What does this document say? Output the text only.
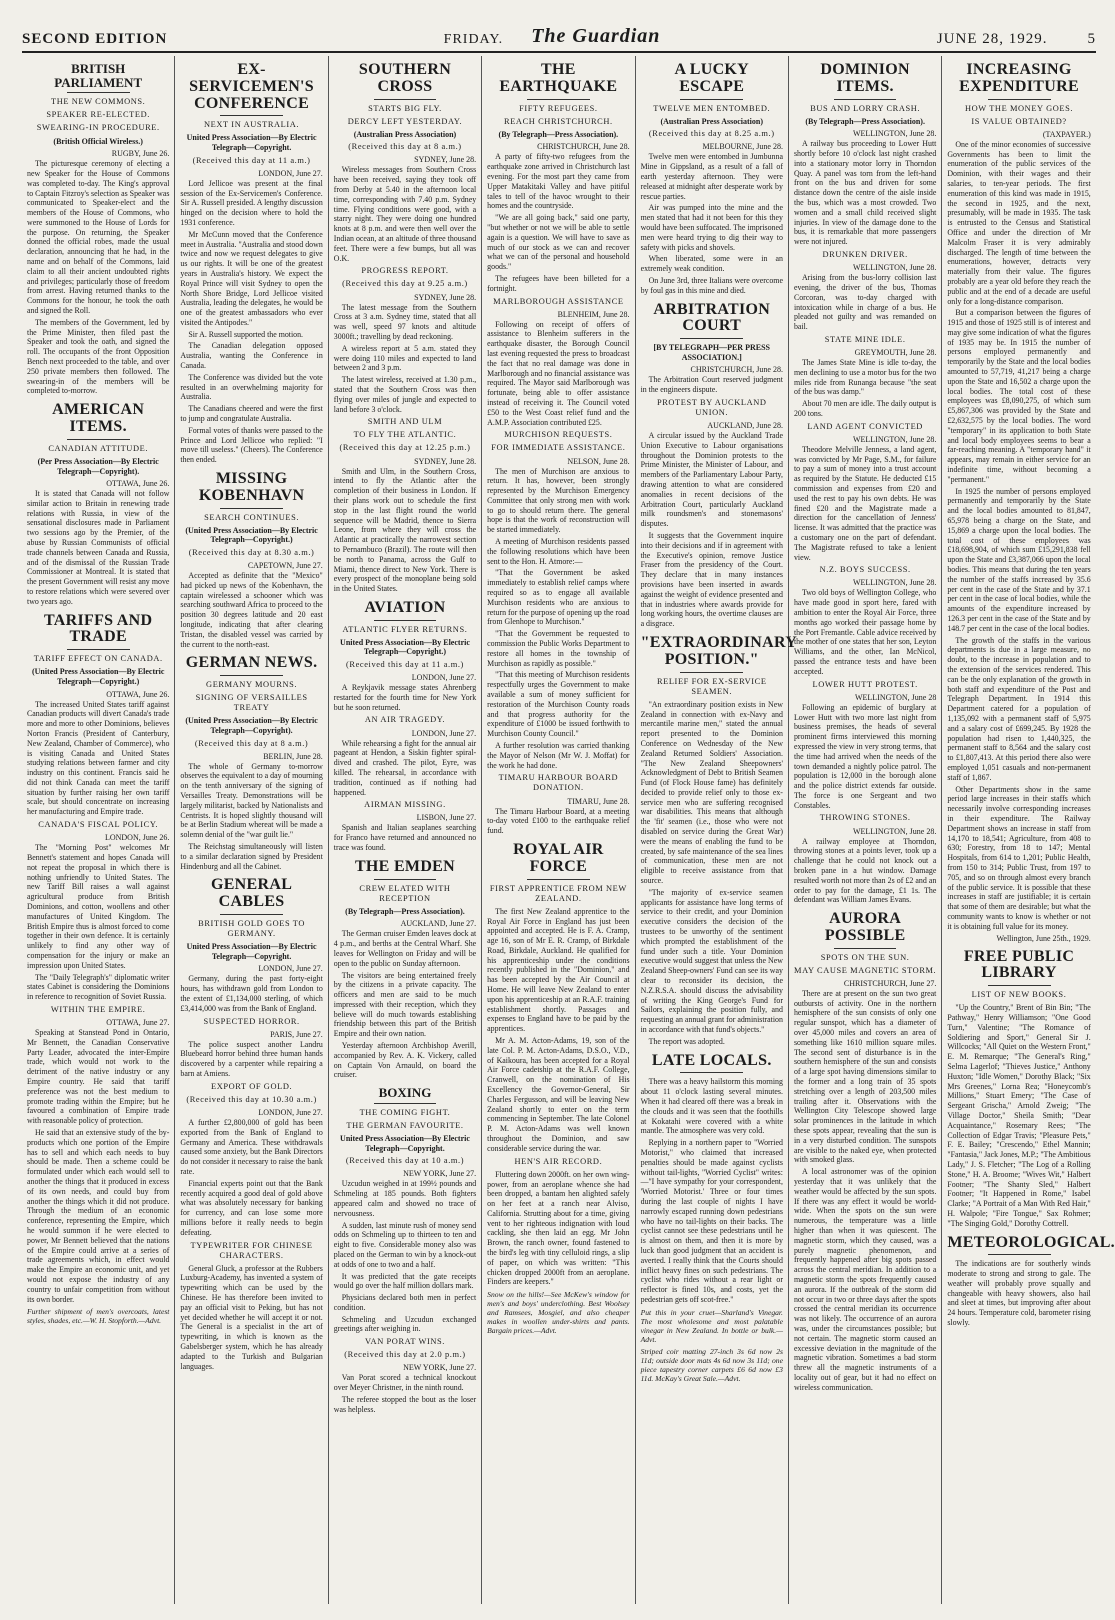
SECOND EDITION	FRIDAY. The Guardian	JUNE 28, 1929.	5
BRITISH PARLIAMENT
THE NEW COMMONS.
SPEAKER RE-ELECTED.
SWEARING-IN PROCEDURE.
(British Official Wireless.)
RUGBY, June 26.
The picturesque ceremony of electing a new Speaker for the House of Commons was completed to-day. The King's approval to Captain Fitzroy's selection as Speaker was communicated to Speaker-elect and the members of the House of Commons, who were summoned to the House of Lords for the purpose. On returning, the Speaker donned the official robes, made the usual declaration, announcing that he had, in the name and on behalf of the Commons, laid claim to all their ancient undoubted rights and privileges; particularly those of freedom from arrest. Having returned thanks to the Commons for the honour, he took the oath and signed the Roll.
The members of the Government, led by the Prime Minister, then filed past the Speaker and took the oath, and signed the roll. The occupants of the front Opposition Bench next proceeded to the table, and over 250 private members then followed. The swearing-in of the members will be completed to-morrow.
AMERICAN ITEMS.
CANADIAN ATTITUDE.
(Per Press Association—By Electric Telegraph—Copyright).
OTTAWA, June 26.
It is stated that Canada will not follow similar action to Britain in renewing trade relations with Russia, in view of the sensational disclosures made in Parliament two sessions ago by the Premier, of the abuse by Russian Communists of official trade channels between Canada and Russia, and of the dismissal of the Russian Trade Commissioner at Montreal. It is stated that the present Government will resist any move to restore relations which were severed over two years ago.
TARIFFS AND TRADE
TARIFF EFFECT ON CANADA.
(United Press Association—By Electric Telegraph—Copyright.)
OTTAWA, June 26.
The increased United States tariff against Canadian products will divert Canada's trade more and more to other Dominions, believes Norton Francis (President of Canterbury, New Zealand, Chamber of Commerce), who is visiting Canada and United States studying relations between farmer and city industry on this continent. Francis said he did not think Canada can meet the tariff situation by further raising her own tariff scale, but should concentrate on increasing her manufacturing and Empire trade.
CANADA'S FISCAL POLICY.
LONDON, June 26.
The "Morning Post" welcomes Mr Bennett's statement and hopes Canada will not repeat the proposal in which there is nothing unfriendly to United States. The new Tariff Bill raises a wall against agricultural produce from British Dominions, and cotton, woollens and other manufactures of United Kingdom. The British Empire thus is almost forced to come together in their own defence. It is certainly unlikely to find any other way of compensation for the injury or make an impression upon United States.
The "Daily Telegraph's" diplomatic writer states Cabinet is considering the Dominions in reference to recognition of Soviet Russia.
WITHIN THE EMPIRE.
OTTAWA, June 27.
Speaking at Stanstead Pond in Ontario, Mr Bennett, the Canadian Conservative Party Leader, advocated the inter-Empire trade, which would not work to the detriment of the native industry or any Empire country. He said that tariff preference was not the best medium to promote trading within the Empire; but he favoured a combination of Empire trade with reasonable policy of protection.
He said that an extensive study of the by-products which one portion of the Empire has to sell and which each needs to buy should be made. Then a scheme could be formulated under which each would sell to another the things that it produced in excess of its own needs, and could buy from another the things which it did not produce. Through the medium of an economic conference, representing the Empire, which he would summon if he were elected to power, Mr Bennett believed that the nations of the Empire could arrive at a series of trade agreements which, in effect would make the Empire an economic unit, and yet would not expose the industry of any country to unfair competition from without its own border.
Further shipment of men's overcoats, latest styles, shades, etc.—W. H. Stopforth.—Advt.
EX-SERVICEMEN'S CONFERENCE
NEXT IN AUSTRALIA.
United Press Association—By Electric Telegraph—Copyright.
(Received this day at 11 a.m.)
LONDON, June 27.
Lord Jellicoe was present at the final session of the Ex-Servicemen's Conference. Sir A. Russell presided. A lengthy discussion hinged on the decision where to hold the 1931 conference.
Mr McCunn moved that the Conference meet in Australia. "Australia and stood down twice and now we request delegates to give us our rights. It will be one of the greatest years in Australia's history. We expect the Royal Prince will visit Sydney to open the North Shore Bridge, Lord Jellicoe visited Australia, leading the delegates, he would be one of the greatest ambassadors who ever visited the Antipodes."
Sir A. Russell supported the motion.
The Canadian delegation opposed Australia, wanting the Conference in Canada.
The Conference was divided but the vote resulted in an overwhelming majority for Australia.
The Canadians cheered and were the first to jump and congratulate Australia.
Formal votes of thanks were passed to the Prince and Lord Jellicoe who replied: "I move till useless." (Cheers). The Conference then ended.
MISSING KOBENHAVN
SEARCH CONTINUES.
(United Press Association—By Electric Telegraph—Copyright.)
(Received this day at 8.30 a.m.)
CAPETOWN, June 27.
Accepted as definite that the "Mexico" had picked up news of the Kobenhavn, the captain wirelessed a schooner which was searching southward Africa to proceed to the position 30 degrees latitude and 20 east longitude, indicating that after clearing Tristan, the disabled vessel was carried by the current to the north-east.
GERMAN NEWS.
GERMANY MOURNS.
SIGNING OF VERSAILLES TREATY
(United Press Association—By Electric Telegraph—Copyright).
(Received this day at 8 a.m.)
BERLIN, June 28.
The whole of Germany to-morrow observes the equivalent to a day of mourning on the tenth anniversary of the signing of Versailles Treaty. Demonstrations will be largely militarist, backed by Nationalists and Centrists. It is hoped slightly thousand will be at Berlin Stadium whereat will be made a solemn denial of the "war guilt lie."
The Reichstag simultaneously will listen to a similar declaration signed by President Hindenburg and all the Cabinet.
GENERAL CABLES
BRITISH GOLD GOES TO GERMANY.
United Press Association—By Electric Telegraph—Copyright.
LONDON, June 27.
Germany, during the past forty-eight hours, has withdrawn gold from London to the extent of £1,134,000 sterling, of which £3,414,000 was from the Bank of England.
SUSPECTED HORROR.
PARIS, June 27.
The police suspect another Landru Bluebeard horror behind three human hands discovered by a carpenter while repairing a barn at Amiens.
EXPORT OF GOLD.
(Received this day at 10.30 a.m.)
LONDON, June 27.
A further £2,800,000 of gold has been exported from the Bank of England to Germany and America. These withdrawals caused some anxiety, but the Bank Directors do not consider it necessary to raise the bank rate.
Financial experts point out that the Bank recently acquired a good deal of gold above what was absolutely necessary for banking for currency, and can lose some more millions before it really needs to begin defeating.
TYPEWRITER FOR CHINESE CHARACTERS.
General Gluck, a professor at the Rubbers Luxburg-Academy, has invented a system of typewriting which can be used by the Chinese. He has therefore been invited to pay an official visit to Peking, but has not yet decided whether he will accept it or not. The General is a specialist in the art of typewriting, in which is known as the Gabelsberger system, which he has already adapted to the Turkish and Bulgarian languages.
SOUTHERN CROSS
STARTS BIG FLY.
DERCY LEFT YESTERDAY.
(Australian Press Association)
(Received this day at 8 a.m.)
SYDNEY, June 28.
Wireless messages from Southern Cross have been received, saying they took off from Derby at 5.40 in the afternoon local time, corresponding with 7.40 p.m. Sydney time. Flying conditions were good, with a starry night. They were doing one hundred knots at 8 p.m. and were then well over the Indian ocean, at an altitude of three thousand feet. There were a few bumps, but all was O.K.
PROGRESS REPORT.
(Received this day at 9.25 a.m.)
SYDNEY, June 28.
The latest message from the Southern Cross at 3 a.m. Sydney time, stated that all was well, speed 97 knots and altitude 3000ft.; travelling by dead reckoning.
A wireless report at 5 a.m. stated they were doing 110 miles and expected to land between 2 and 3 p.m.
The latest wireless, received at 1.30 p.m., stated that the Southern Cross was then flying over miles of jungle and expected to land before 3 o'clock.
SMITH AND ULM
TO FLY THE ATLANTIC.
(Received this day at 12.25 p.m.)
SYDNEY, June 28.
Smith and Ulm, in the Southern Cross, intend to fly the Atlantic after the completion of their business in London. If their plans work out to schedule the first stop in the last flight round the world sequence will be Madrid, thence to Sierra Leone, from where they will cross the Atlantic at practically the narrowest section to Pernambuco (Brazil). The route will then be north to Panama, across the Gulf to Miami, thence direct to New York. There is every prospect of the monoplane being sold in the United States.
AVIATION
ATLANTIC FLYER RETURNS.
United Press Association—By Electric Telegraph—Copyright.)
(Received this day at 11 a.m.)
LONDON, June 27.
A Reykjavik message states Ahrenberg restarted for the fourth time for New York but he soon returned.
AN AIR TRAGEDY.
LONDON, June 27.
While rehearsing a fight for the annual air pageant at Hendon, a Siskin fighter spiral-dived and crashed. The pilot, Eyre, was killed. The rehearsal, in accordance with tradition, continued as if nothing had happened.
AIRMAN MISSING.
LISBON, June 27.
Spanish and Italian seaplanes searching for Franco have returned and announced no trace was found.
THE EMDEN
CREW ELATED WITH RECEPTION
(By Telegraph—Press Association).
AUCKLAND, June 27.
The German cruiser Emden leaves dock at 4 p.m., and berths at the Central Wharf. She leaves for Wellington on Friday and will be open to the public on Sunday afternoon.
The visitors are being entertained freely by the citizens in a private capacity. The officers and men are said to be much impressed with their reception, which they believe will do much towards establishing friendship between this part of the British Empire and their own nation.
Yesterday afternoon Archbishop Averill, accompanied by Rev. A. K. Vickery, called on Captain Von Arnauld, on board the cruiser.
BOXING
THE COMING FIGHT.
THE GERMAN FAVOURITE.
United Press Association—By Electric Telegraph—Copyright.
(Received this day at 10 a.m.)
NEW YORK, June 27.
Uzcudun weighed in at 199½ pounds and Schmeling at 185 pounds. Both fighters appeared calm and showed no trace of nervousness.
A sudden, last minute rush of money send odds on Schmeling up to thirteen to ten and eight to five. Considerable money also was placed on the German to win by a knock-out at odds of one to two and a half.
It was predicted that the gate receipts would go over the half million dollars mark.
Physicians declared both men in perfect condition.
Schmeling and Uzcudun exchanged greetings after weighing in.
VAN PORAT WINS.
(Received this day at 2.0 p.m.)
NEW YORK, June 27.
Van Porat scored a technical knockout over Meyer Christner, in the ninth round.
The referee stopped the bout as the loser was helpless.
THE EARTHQUAKE
FIFTY REFUGEES.
REACH CHRISTCHURCH.
(By Telegraph—Press Association).
CHRISTCHURCH, June 28.
A party of fifty-two refugees from the earthquake zone arrived in Christchurch last evening. For the most part they came from Upper Matakitaki Valley and have pitiful tales to tell of the havoc wrought to their homes and the countryside.
"We are all going back," said one party, "but whether or not we will be able to settle again is a question. We will have to save as much of our stock as we can and recover what we can of the personal and household goods."
The refugees have been billeted for a fortnight.
MARLBOROUGH ASSISTANCE
BLENHEIM, June 28.
Following on receipt of offers of assistance to Blenheim sufferers in the earthquake disaster, the Borough Council last evening requested the press to broadcast the fact that no real damage was done in Marlborough and no financial assistance was required. The Mayor said Marlborough was fortunate, being able to offer assistance instead of receiving it. The Council voted £50 to the West Coast relief fund and the A.M.P. Association contributed £25.
MURCHISON REQUESTS.
FOR IMMEDIATE ASSISTANCE.
NELSON, June 28.
The men of Murchison are anxious to return. It has, however, been strongly represented by the Murchison Emergency Committee that only strong men with work to go to should return there. The general hope is that the work of reconstruction will be started immediately.
A meeting of Murchison residents passed the following resolutions which have been sent to the Hon. H. Atmore:—
"That the Government be asked immediately to establish relief camps where required so as to engage all available Murchison residents who are anxious to return for the purpose of opening up the road from Glenhope to Murchison."
"That the Government be requested to commission the Public Works Department to restore all homes in the township of Murchison as rapidly as possible."
"That this meeting of Murchison residents respectfully urges the Government to make available a sum of money sufficient for restoration of the Murchison County roads and that progress authority for the expenditure of £1000 be issued forthwith to Murchison County Council."
A further resolution was carried thanking the Mayor of Nelson (Mr W. J. Moffat) for the work he had done.
TIMARU HARBOUR BOARD DONATION.
TIMARU, June 28.
The Timaru Harbour Board, at a meeting to-day voted £100 to the earthquake relief fund.
ROYAL AIR FORCE
FIRST APPRENTICE FROM NEW ZEALAND.
The first New Zealand apprentice to the Royal Air Force in England has just been appointed and accepted. He is F. A. Cramp, age 16, son of Mr E. R. Cramp, of Birkdale Road, Birkdale, Auckland. He qualified for his apprenticeship under the conditions recently published in the "Dominion," and has been accepted by the Air Council at Home. He will leave New Zealand to enter upon his apprenticeship at an R.A.F. training establishment shortly. Passages and expenses to England have to be paid by the apprentices.
Mr A. M. Acton-Adams, 19, son of the late Col. P. M. Acton-Adams, D.S.O., V.D., of Kaikoura, has been accepted for a Royal Air Force cadetship at the R.A.F. College, Cranwell, on the nomination of His Excellency the Governor-General, Sir Charles Fergusson, and will be leaving New Zealand shortly to enter on the term commencing in September. The late Colonel P. M. Acton-Adams was well known throughout the Dominion, and saw considerable service during the war.
HEN'S AIR RECORD.
Fluttering down 2000ft. on her own wing-power, from an aeroplane whence she had been dropped, a bantam hen alighted safely on her feet at a ranch near Alviso, California. Strutting about for a time, giving vent to her righteous indignation with loud cackling, she then laid an egg. Mr John Brown, the ranch owner, found fastened to the bird's leg with tiny celluloid rings, a slip of paper, on which was written: "This chicken dropped 2000ft from an aeroplane. Finders are keepers."
Snow on the hills!—See McKew's window for men's and boys' underclothing. Best Woolsey and Ramsees, Mosgiel, and also cheaper makes in woollen under-shirts and pants. Bargain prices.—Advt.
A LUCKY ESCAPE
TWELVE MEN ENTOMBED.
(Australian Press Association)
(Received this day at 8.25 a.m.)
MELBOURNE, June 28.
Twelve men were entombed in Jumbunna Mine in Gippsland, as a result of a fall of earth yesterday afternoon. They were released at midnight after desperate work by rescue parties.
Air was pumped into the mine and the men stated that had it not been for this they would have been suffocated. The imprisoned men were heard trying to dig their way to safety with picks and shovels.
When liberated, some were in an extremely weak condition.
On June 3rd, three Italians were overcome by foul gas in this mine and died.
ARBITRATION COURT
[BY TELEGRAPH—PER PRESS ASSOCIATION.]
CHRISTCHURCH, June 28.
The Arbitration Court reserved judgment in the engineers dispute.
PROTEST BY AUCKLAND UNION.
AUCKLAND, June 28.
A circular issued by the Auckland Trade Union Executive to Labour organisations throughout the Dominion protests to the Prime Minister, the Minister of Labour, and members of the Parliamentary Labour Party, drawing attention to what are considered anomalies in recent decisions of the Arbitration Court, particularly Auckland milk roundsmen's and stonemasons' disputes.
It suggests that the Government inquire into their decisions and if in agreement with the Executive's opinion, remove Justice Fraser from the presidency of the Court. They declare that in many instances provisions have been inserted in awards against the weight of evidence presented and that in industries where awards provide for long working hours, the overtime clauses are a disgrace.
"EXTRAORDINARY POSITION."
RELIEF FOR EX-SERVICE SEAMEN.
"An extraordinary position exists in New Zealand in connection with ex-Navy and mercantile marine men," stated the annual report presented to the Dominion Conference on Wednesday of the New Zealand Returned Soldiers' Association. "The New Zealand Sheepowners' Acknowledgment of Debt to British Seamen Fund (of Flock House fame) has definitely decided to provide relief only to those ex-service men who are suffering recognised war disabilities. This means that although the 'fit' seamen (i.e., those who were not disabled on service during the Great War) were the means of enabling the fund to be created, by safe maintenance of the sea lines of communication, these men are not eligible to receive assistance from that source.
"The majority of ex-service seamen applicants for assistance have long terms of service to their credit, and your Dominion executive considers the decision of the trustees to be unworthy of the sentiment which prompted the establishment of the fund under such a title. Your Dominion executive would suggest that unless the New Zealand Sheep-owners' Fund can see its way clear to reconsider its decision, the N.Z.R.S.A. should discuss the advisability of writing the King George's Fund for Sailors, explaining the position fully, and requesting an annual grant for administration in accordance with that fund's objects."
The report was adopted.
LATE LOCALS.
There was a heavy hailstorm this morning about 11 o'clock lasting several minutes. When it had cleared off there was a break in the clouds and it was seen that the foothills at Kokatahi were covered with a white mantle. The atmosphere was very cold.
Replying in a northern paper to "Worried Motorist," who claimed that increased penalties should be made against cyclists without tail-lights, "Worried Cyclist" writes:—"I have sympathy for your correspondent, 'Worried Motorist.' Three or four times during the last couple of nights I have narrowly escaped running down pedestrians who have no tail-lights on their backs. The cyclist cannot see these pedestrians until he is almost on them, and then it is more by luck than good judgment that an accident is averted. I really think that the Courts should inflict heavy fines on such pedestrians. The cyclist who rides without a rear light or reflector is fined 10s, and costs, yet the pedestrian gets off scot-free."
Put this in your cruet—Sharland's Vinegar. The most wholesome and most palatable vinegar in New Zealand. In bottle or bulk.—Advt.
Striped coir matting 27-inch 3s 6d now 2s 11d; outside door mats 4s 6d now 3s 11d; one piece tapestry corner carpets £6 6d now £3 11d. McKay's Great Sale.—Advt.
DOMINION ITEMS.
BUS AND LORRY CRASH.
(By Telegraph—Press Association).
WELLINGTON, June 28.
A railway bus proceeding to Lower Hutt shortly before 10 o'clock last night crashed into a stationary motor lorry in Thorndon Quay. A panel was torn from the left-hand front on the bus and driven for some distance down the centre of the aisle inside the bus, which was a most crowded. Two women and a small child received slight injuries. In view of the damage done to the bus, it is remarkable that more passengers were not injured.
DRUNKEN DRIVER.
WELLINGTON, June 28.
Arising from the bus-lorry collision last evening, the driver of the bus, Thomas Corcoran, was to-day charged with intoxication while in charge of a bus. He pleaded not guilty and was remanded on bail.
STATE MINE IDLE.
GREYMOUTH, June 28.
The James State Mine is idle to-day, the men declining to use a motor bus for the two miles ride from Runanga because "the seat of the bus was damp."
About 70 men are idle. The daily output is 200 tons.
LAND AGENT CONVICTED
WELLINGTON, June 28.
Theodore Melville Jenness, a land agent, was convicted by Mr Page, S.M., for failure to pay a sum of money into a trust account as required by the Statute. He deducted £15 commission and expenses from £20 and used the rest to pay his own debts. He was fined £20 and the Magistrate made a direction for the cancellation of Jenness' license. It was admitted that the practice was a customary one on the part of defendant. The Magistrate refused to take a lenient view.
N.Z. BOYS SUCCESS.
WELLINGTON, June 28.
Two old boys of Wellington College, who have made good in sport here, fared with ambition to enter the Royal Air Force, three months ago worked their passage home by the Port Fremantle. Cable advice received by the mother of one states that her son, Leyton Williams, and the other, Ian McNicol, passed the entrance tests and have been accepted.
LOWER HUTT PROTEST.
WELLINGTON, June 28
Following an epidemic of burglary at Lower Hutt with two more last night from business premises, the heads of several prominent firms interviewed this morning expressed the view in very strong terms, that the time had arrived when the needs of the town demanded a nightly police patrol. The population is 12,000 in the borough alone and the police district extends far outside. The force is one Sergeant and two Constables.
THROWING STONES.
WELLINGTON, June 28.
A railway employee at Thorndon, throwing stones at a points lever, took up a challenge that he could not knock out a broken pane in a hut window. Damage resulted worth not more than 2s of £2 and an order to pay for the damage, £1 1s. The defendant was William James Evans.
AURORA POSSIBLE
SPOTS ON THE SUN.
MAY CAUSE MAGNETIC STORM.
CHRISTCHURCH, June 27.
There are at present on the sun two great outbursts of activity. One in the northern hemisphere of the sun consists of only one regular sunspot, which has a diameter of over 45,000 miles and covers an area of something like 1610 million square miles. The second sent of disturbance is in the southern hemisphere of the sun and consists of a large spot having dimensions similar to the former and a long train of 35 spots stretching over a length of 203,500 miles trailing after it. Observations with the Wellington City Telescope showed large solar prominences in the latitude in which these spots appear, revealing that the sun is in a very disturbed condition. The sunspots are visible to the naked eye, when protected with smoked glass.
A local astronomer was of the opinion yesterday that it was unlikely that the weather would be affected by the sun spots. If there was any effect it would be world-wide. When the spots on the sun were numerous, the temperature was a little higher than when it was quiescent. The magnetic storm, which they caused, was a purely magnetic phenomenon, and frequently happened after big spots passed across the central meridian. In addition to a magnetic storm the spots frequently caused an aurora. If the outbreak of the storm did not occur in two or three days after the spots crossed the central meridian its occurrence was not likely. The occurrence of an aurora was, under the circumstances possible; but not certain. The magnetic storm caused an excessive deviation in the magnitude of the magnetic vibration. Sometimes a bad storm threw all the magnetic instruments of a locality out of gear, but it had no effect on wireless communication.
INCREASING EXPENDITURE
HOW THE MONEY GOES.
IS VALUE OBTAINED?
(TAXPAYER.)
One of the minor economies of successive Governments has been to limit the enumeration of the public services of the Dominion, with their wages and their salaries, to ten-year periods. The first enumeration of this kind was made in 1915, the second in 1925, and the next, presumably, will be made in 1935. The task is entrusted to the Census and Statistical Office and under the direction of Mr Malcolm Fraser it is very admirably discharged. The length of time between the enumerations, however, detracts very materially from their value. The figures probably are a year old before they reach the public and at the end of a decade are useful only for a long-distance comparison.
But a comparison between the figures of 1915 and those of 1925 still is of interest and may give some indication of what the figures of 1935 may be. In 1915 the number of persons employed permanently and temporarily by the State and the local bodies amounted to 57,719, 41,217 being a charge upon the State and 16,502 a charge upon the local bodies. The total cost of these employees was £8,090,275, of which sum £5,867,306 was provided by the State and £2,632,575 by the local bodies. The word "temporary" in its application to both State and local body employees seems to bear a far-reaching meaning. A "temporary hand" it appears, may remain in either service for an indefinite time, without becoming a "permanent."
In 1925 the number of persons employed permanently and temporarily by the State and the local bodies amounted to 81,847, 65,978 being a charge on the State, and 15,869 a charge upon the local bodies. The total cost of these employees was £18,698,904, of which sum £15,291,838 fell upon the State and £3,387,066 upon the local bodies. This means that during the ten years the number of the staffs increased by 35.6 per cent in the case of the State and by 37.1 per cent in the case of local bodies, while the amounts of the expenditure increased by 126.3 per cent in the case of the State and by 148.7 per cent in the case of the local bodies.
The growth of the staffs in the various departments is due in a large measure, no doubt, to the increase in population and to the extension of the services rendered. This can be the only explanation of the growth in both staff and expenditure of the Post and Telegraph Department. In 1914 this Department catered for a population of 1,135,092 with a permanent staff of 5,975 and a salary cost of £699,245. By 1928 the population had risen to 1,440,325, the permanent staff to 8,564 and the salary cost to £1,807,413. At this period there also were employed 1,051 casuals and non-permanent staff of 1,867.
Other Departments show in the same period large increases in their staffs which necessarily involve corresponding increases in their expenditure. The Railway Department shows an increase in staff from 14,170 to 18,541; Agriculture, from 408 to 630; Forestry, from 18 to 147; Mental Hospitals, from 614 to 1,201; Public Health, from 150 to 314; Public Trust, from 197 to 705, and so on through almost every branch of the public service. It is possible that these increases in staff are justifiable; it is certain that some of them are desirable; but what the community wants to know is whether or not it is obtaining full value for its money.
Wellington, June 25th., 1929.
FREE PUBLIC LIBRARY
LIST OF NEW BOOKS.
"Up the Country," Brent of Bin Bin; "The Pathway," Henry Williamson; "One Good Turn," Valentine; "The Romance of Soldiering and Sport," General Sir J. Willcocks; "All Quiet on the Western Front," E. M. Remarque; "The General's Ring," Selma Lagerlof; "Thieves Justice," Anthony Huxton; "Idle Women," Dorothy Black; "Six Mrs Greenes," Lorna Rea; "Honeycomb's Millions," Stuart Emery; "The Case of Sergeant Grischa," Arnold Zweig; "The Village Doctor," Sheila Smith; "Dear Acquaintance," Rosemary Rees; "The Collection of Edgar Travis; "Pleasure Pets," F. E. Bailey; "Crescendo," Ethel Mannin; "Fantasia," Jack Jones, M.P.; "The Ambitious Lady," J. S. Fletcher; "The Log of a Rolling Stone," H. A. Broome; "Wives Wit," Halbert Footner; "The Shanty Sled," Halbert Footner; "It Happened in Rome," Isabel Clarke; "A Portrait of a Man With Red Hair," H. Walpole; "Fire Tongue," Sax Rohmer; "The Singing Gold," Dorothy Cottrell.
METEOROLOGICAL.
The indications are for southerly winds moderate to strong and strong to gale. The weather will probably prove squally and changeable with heavy showers, also hail and sleet at times, but improving after about 24 hours. Temperature cold, barometer rising slowly.
